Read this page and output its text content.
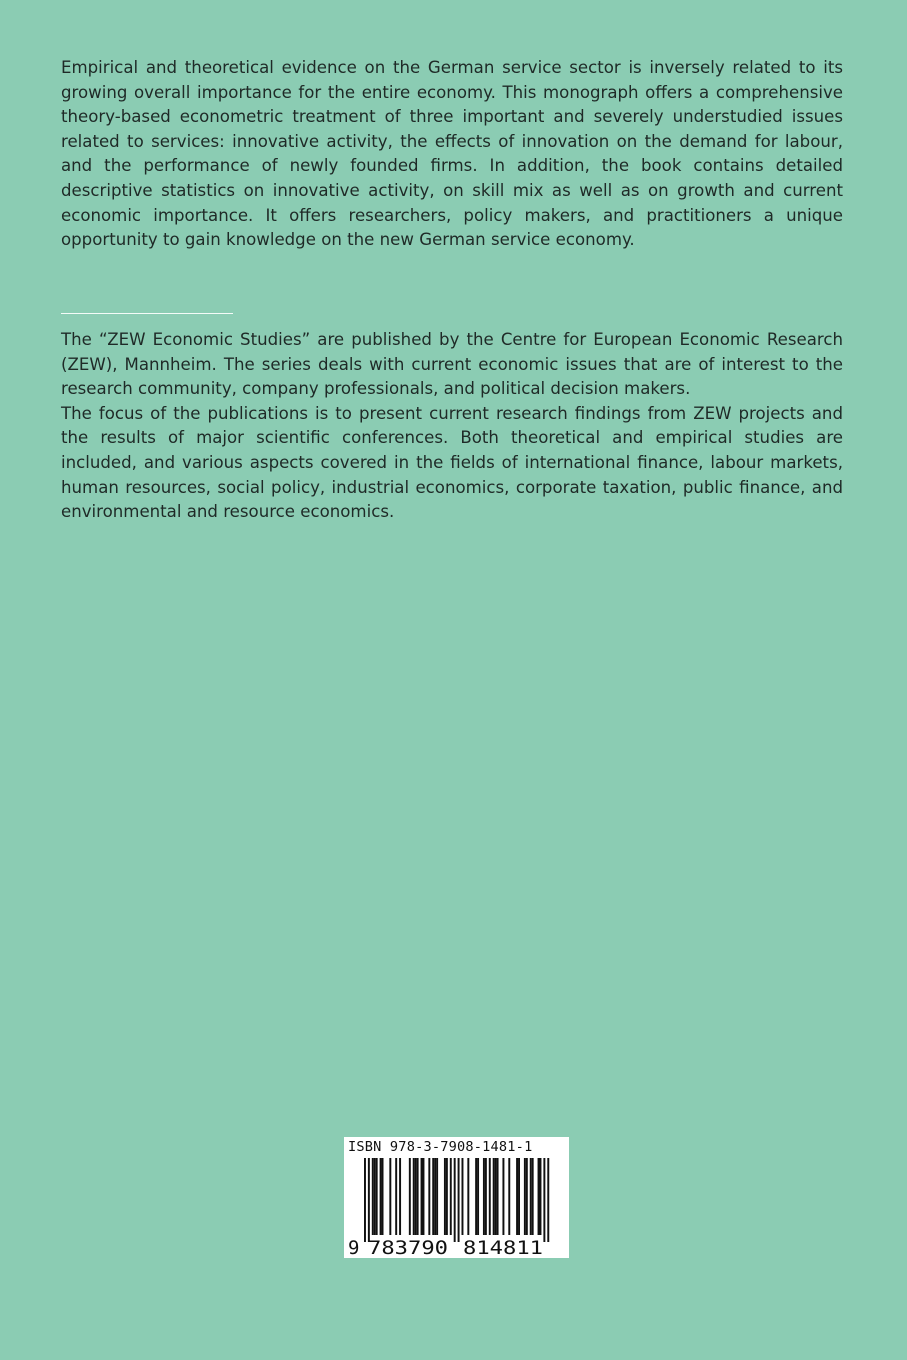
Empirical and theoretical evidence on the German service sector is inversely related to its growing overall importance for the entire economy. This monograph offers a comprehensive theory-based econometric treatment of three important and severely understudied issues related to services: innovative activity, the effects of innovation on the demand for labour, and the performance of newly founded firms. In addition, the book contains detailed descriptive statistics on innovative activity, on skill mix as well as on growth and current economic importance. It offers researchers, policy makers, and practitioners a unique opportunity to gain knowledge on the new German service economy.

The “ZEW Economic Studies” are published by the Centre for European Economic Research (ZEW), Mannheim. The series deals with current economic issues that are of interest to the research community, company professionals, and political decision makers.

The focus of the publications is to present current research findings from ZEW projects and the results of major scientific conferences. Both theoretical and empirical studies are included, and various aspects covered in the fields of international finance, labour markets, human resources, social policy, industrial economics, corporate taxation, public finance, and environmental and resource economics.

ISBN 978-3-7908-1481-1
9 783790 814811
